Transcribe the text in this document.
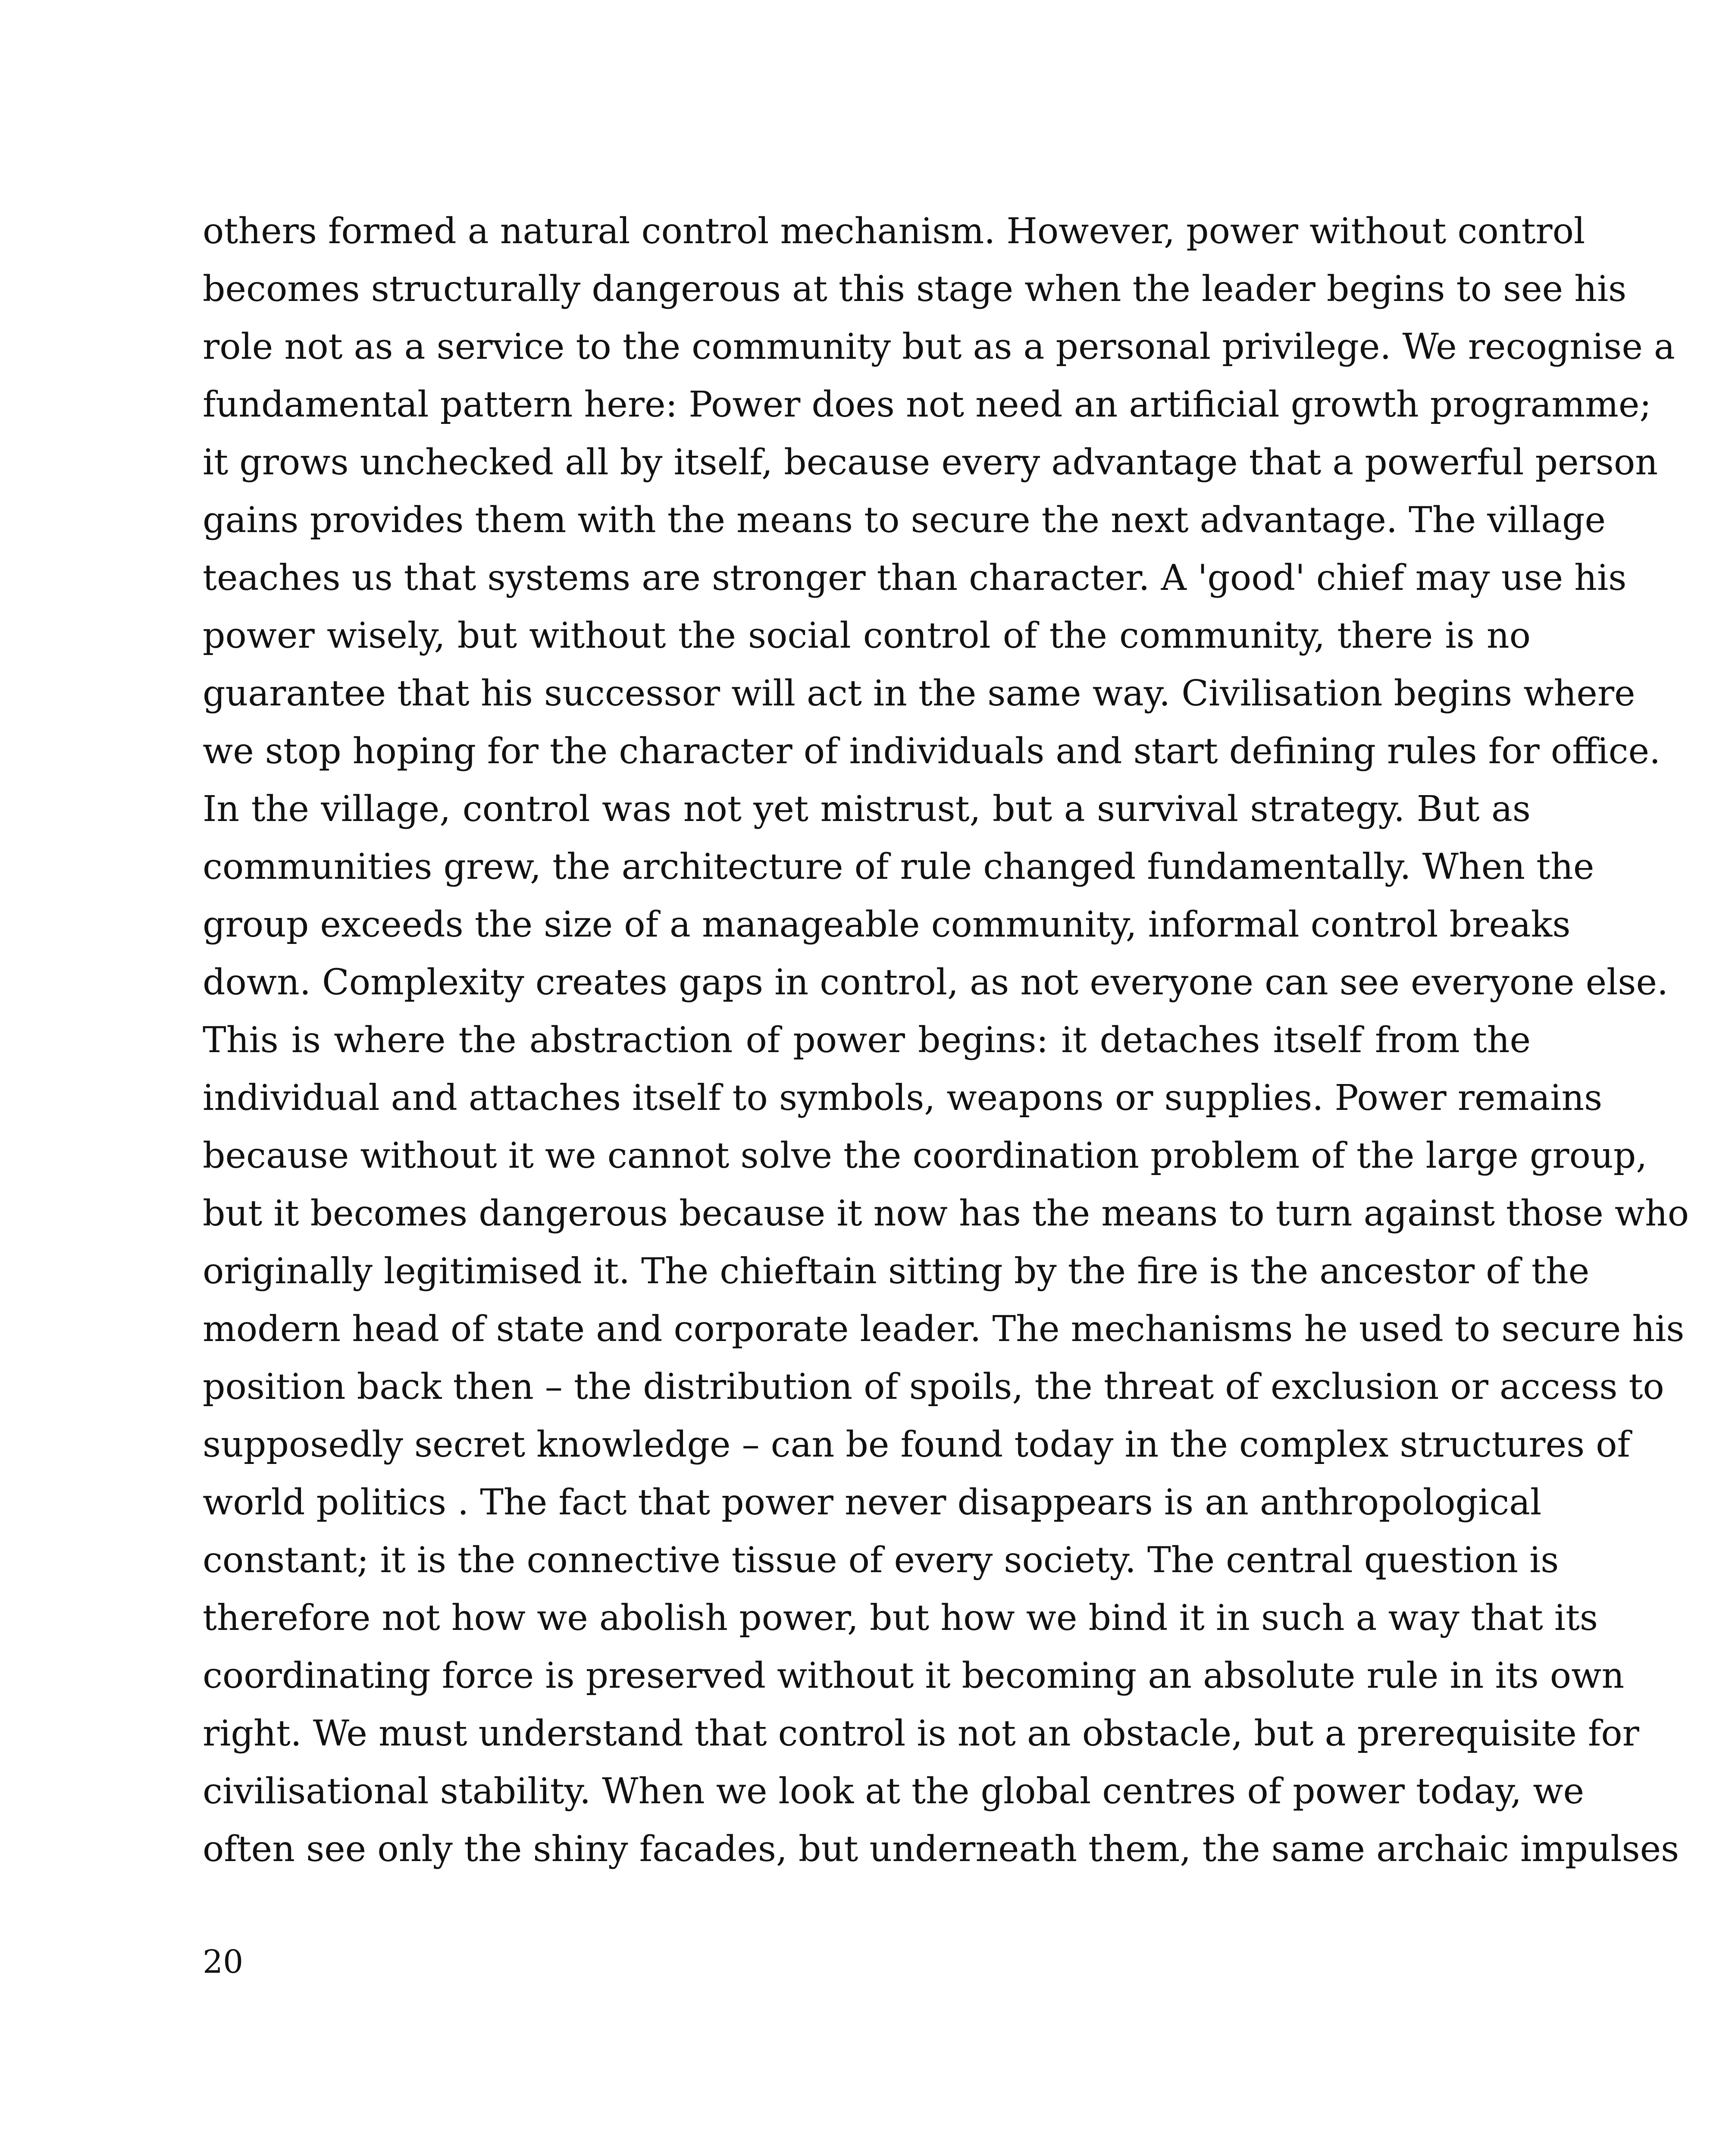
others formed a natural control mechanism. However, power without control
becomes structurally dangerous at this stage when the leader begins to see his
role not as a service to the community but as a personal privilege. We recognise a
fundamental pattern here: Power does not need an artificial growth programme;
it grows unchecked all by itself, because every advantage that a powerful person
gains provides them with the means to secure the next advantage. The village
teaches us that systems are stronger than character. A 'good' chief may use his
power wisely, but without the social control of the community, there is no
guarantee that his successor will act in the same way. Civilisation begins where
we stop hoping for the character of individuals and start defining rules for office.
In the village, control was not yet mistrust, but a survival strategy. But as
communities grew, the architecture of rule changed fundamentally. When the
group exceeds the size of a manageable community, informal control breaks
down. Complexity creates gaps in control, as not everyone can see everyone else.
This is where the abstraction of power begins: it detaches itself from the
individual and attaches itself to symbols, weapons or supplies. Power remains
because without it we cannot solve the coordination problem of the large group,
but it becomes dangerous because it now has the means to turn against those who
originally legitimised it. The chieftain sitting by the fire is the ancestor of the
modern head of state and corporate leader. The mechanisms he used to secure his
position back then – the distribution of spoils, the threat of exclusion or access to
supposedly secret knowledge – can be found today in the complex structures of
world politics . The fact that power never disappears is an anthropological
constant; it is the connective tissue of every society. The central question is
therefore not how we abolish power, but how we bind it in such a way that its
coordinating force is preserved without it becoming an absolute rule in its own
right. We must understand that control is not an obstacle, but a prerequisite for
civilisational stability. When we look at the global centres of power today, we
often see only the shiny facades, but underneath them, the same archaic impulses
20
